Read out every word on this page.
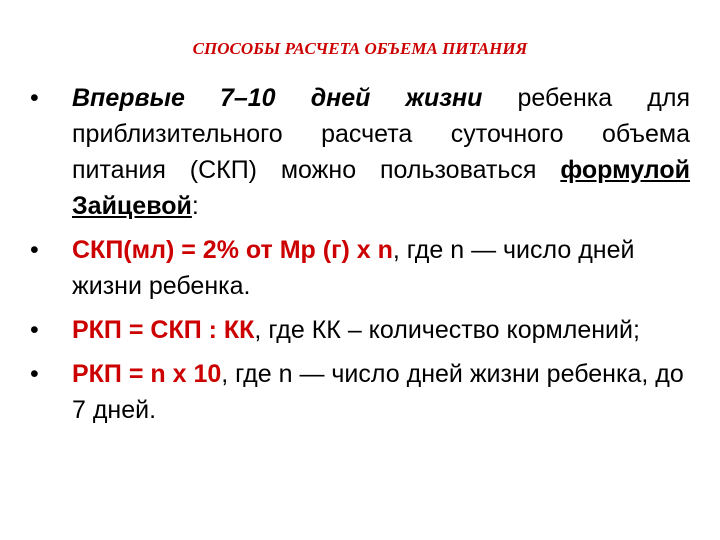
СПОСОБЫ РАСЧЕТА ОБЪЕМА ПИТАНИЯ
•	Впервые 7–10 дней жизни ребенка для приблизительного расчета суточного объема питания (СКП) можно пользоваться формулой Зайцевой:
•	СКП(мл) = 2% от Мр (г) х n, где n — число дней жизни ребенка.
•	РКП = СКП : КК, где КК – количество кормлений;
•	РКП = n х 10, где n — число дней жизни ребенка, до 7 дней.
